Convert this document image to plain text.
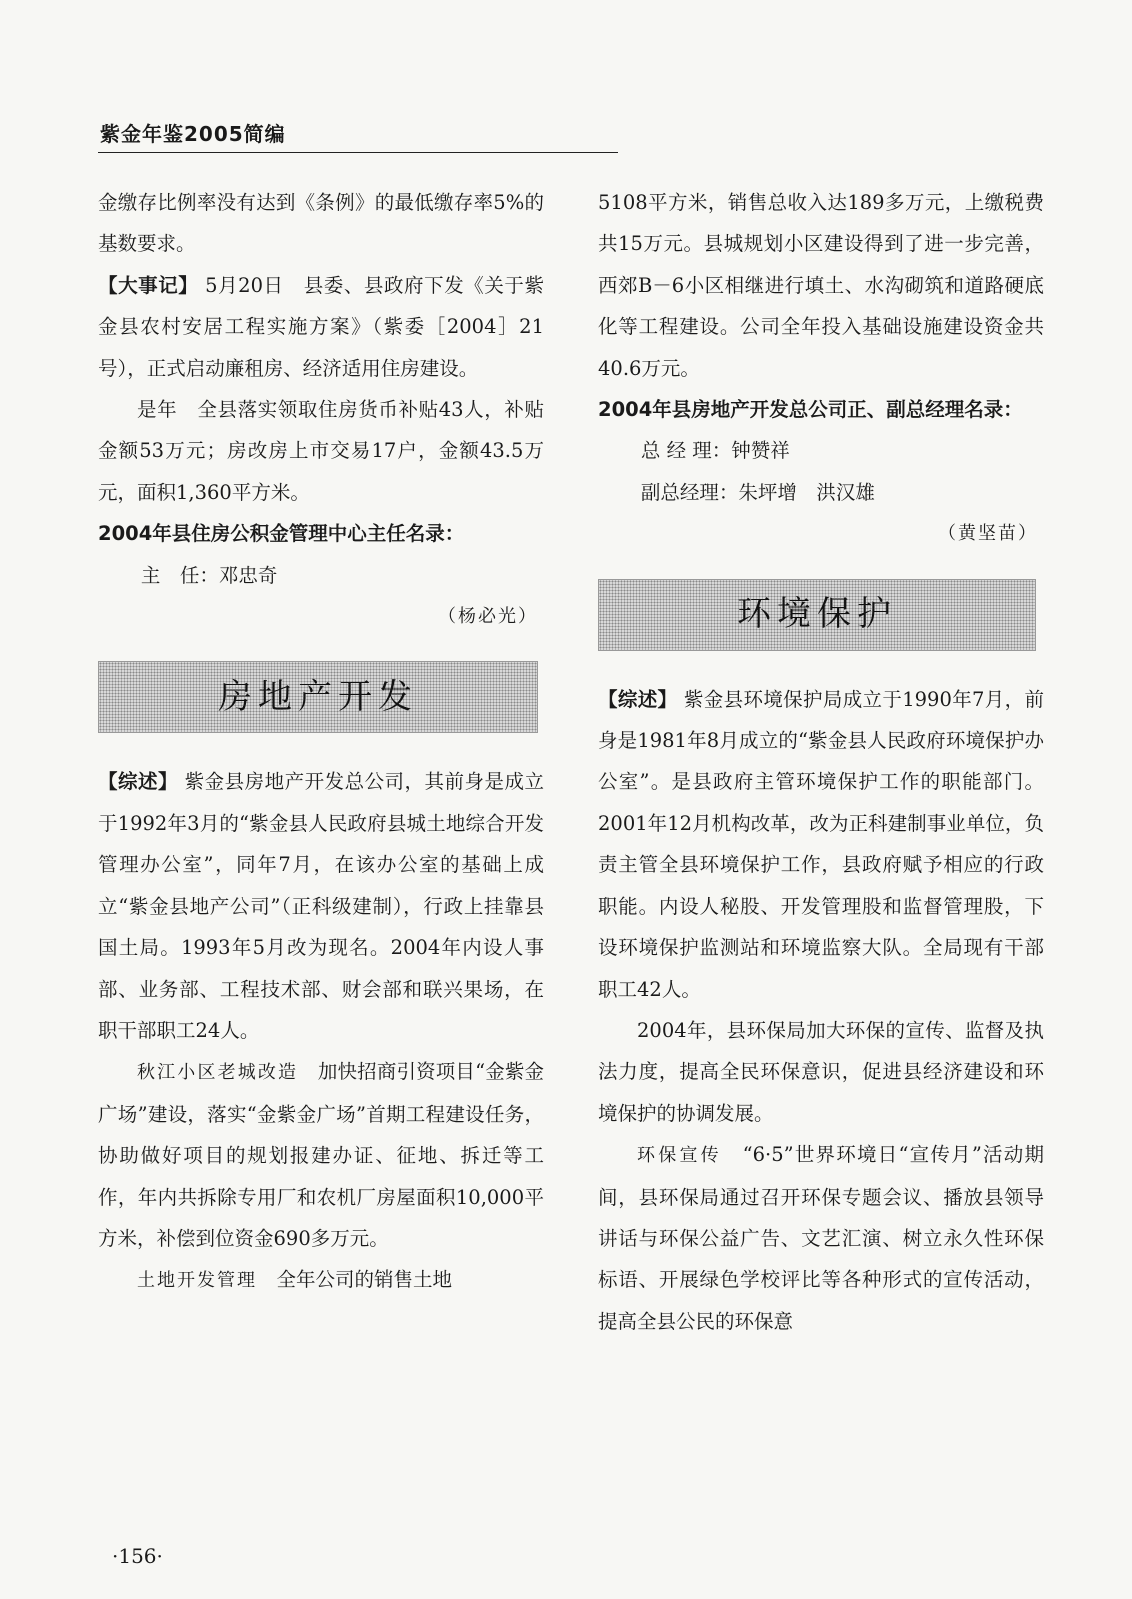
紫金年鉴2005简编

金缴存比例率没有达到《条例》的最低缴存率5%的基数要求。

【大事记】 5月20日　县委、县政府下发《关于紫金县农村安居工程实施方案》（紫委［2004］21号），正式启动廉租房、经济适用住房建设。

是年　全县落实领取住房货币补贴43人，补贴金额53万元；房改房上市交易17户，金额43.5万元，面积1,360平方米。

2004年县住房公积金管理中心主任名录：

主　任：邓忠奇

（杨必光）

房地产开发

【综述】 紫金县房地产开发总公司，其前身是成立于1992年3月的“紫金县人民政府县城土地综合开发管理办公室”，同年7月，在该办公室的基础上成立“紫金县地产公司”（正科级建制），行政上挂靠县国土局。1993年5月改为现名。2004年内设人事部、业务部、工程技术部、财会部和联兴果场，在职干部职工24人。

秋江小区老城改造　加快招商引资项目“金紫金广场”建设，落实“金紫金广场”首期工程建设任务，协助做好项目的规划报建办证、征地、拆迁等工作，年内共拆除专用厂和农机厂房屋面积10,000平方米，补偿到位资金690多万元。

土地开发管理　全年公司的销售土地

5108平方米，销售总收入达189多万元，上缴税费共15万元。县城规划小区建设得到了进一步完善，西郊B－6小区相继进行填土、水沟砌筑和道路硬底化等工程建设。公司全年投入基础设施建设资金共40.6万元。

2004年县房地产开发总公司正、副总经理名录：

总 经 理：钟赞祥

副总经理：朱坪增　洪汉雄

（黄坚苗）

环境保护

【综述】 紫金县环境保护局成立于1990年7月，前身是1981年8月成立的“紫金县人民政府环境保护办公室”。是县政府主管环境保护工作的职能部门。2001年12月机构改革，改为正科建制事业单位，负责主管全县环境保护工作，县政府赋予相应的行政职能。内设人秘股、开发管理股和监督管理股，下设环境保护监测站和环境监察大队。全局现有干部职工42人。

2004年，县环保局加大环保的宣传、监督及执法力度，提高全民环保意识，促进县经济建设和环境保护的协调发展。

环保宣传　“6·5”世界环境日“宣传月”活动期间，县环保局通过召开环保专题会议、播放县领导讲话与环保公益广告、文艺汇演、树立永久性环保标语、开展绿色学校评比等各种形式的宣传活动，提高全县公民的环保意

·156·
